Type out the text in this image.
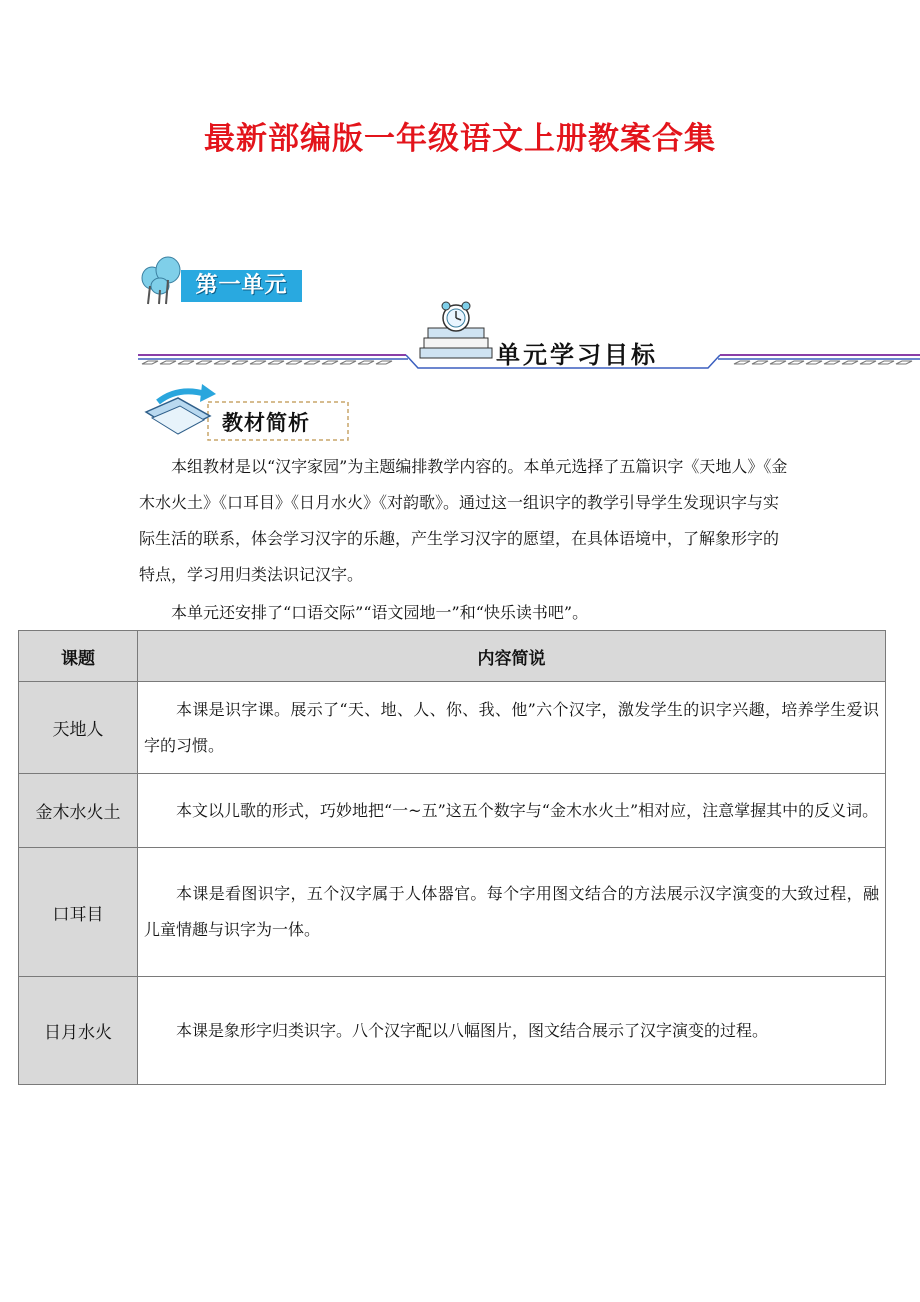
最新部编版一年级语文上册教案合集
第一单元
单元学习目标
教材简析
本组教材是以“汉字家园”为主题编排教学内容的。本单元选择了五篇识字《天地人》《金木水火土》《口耳目》《日月水火》《对韵歌》。通过这一组识字的教学引导学生发现识字与实际生活的联系，体会学习汉字的乐趣，产生学习汉字的愿望，在具体语境中，了解象形字的特点，学习用归类法识记汉字。
本单元还安排了“口语交际”“语文园地一”和“快乐读书吧”。
课题	内容简说
天地人	本课是识字课。展示了“天、地、人、你、我、他”六个汉字，激发学生的识字兴趣，培养学生爱识字的习惯。
金木水火土	本文以儿歌的形式，巧妙地把“一~五”这五个数字与“金木水火土”相对应，注意掌握其中的反义词。
口耳目	本课是看图识字，五个汉字属于人体器官。每个字用图文结合的方法展示汉字演变的大致过程，融儿童情趣与识字为一体。
日月水火	本课是象形字归类识字。八个汉字配以八幅图片，图文结合展示了汉字演变的过程。
